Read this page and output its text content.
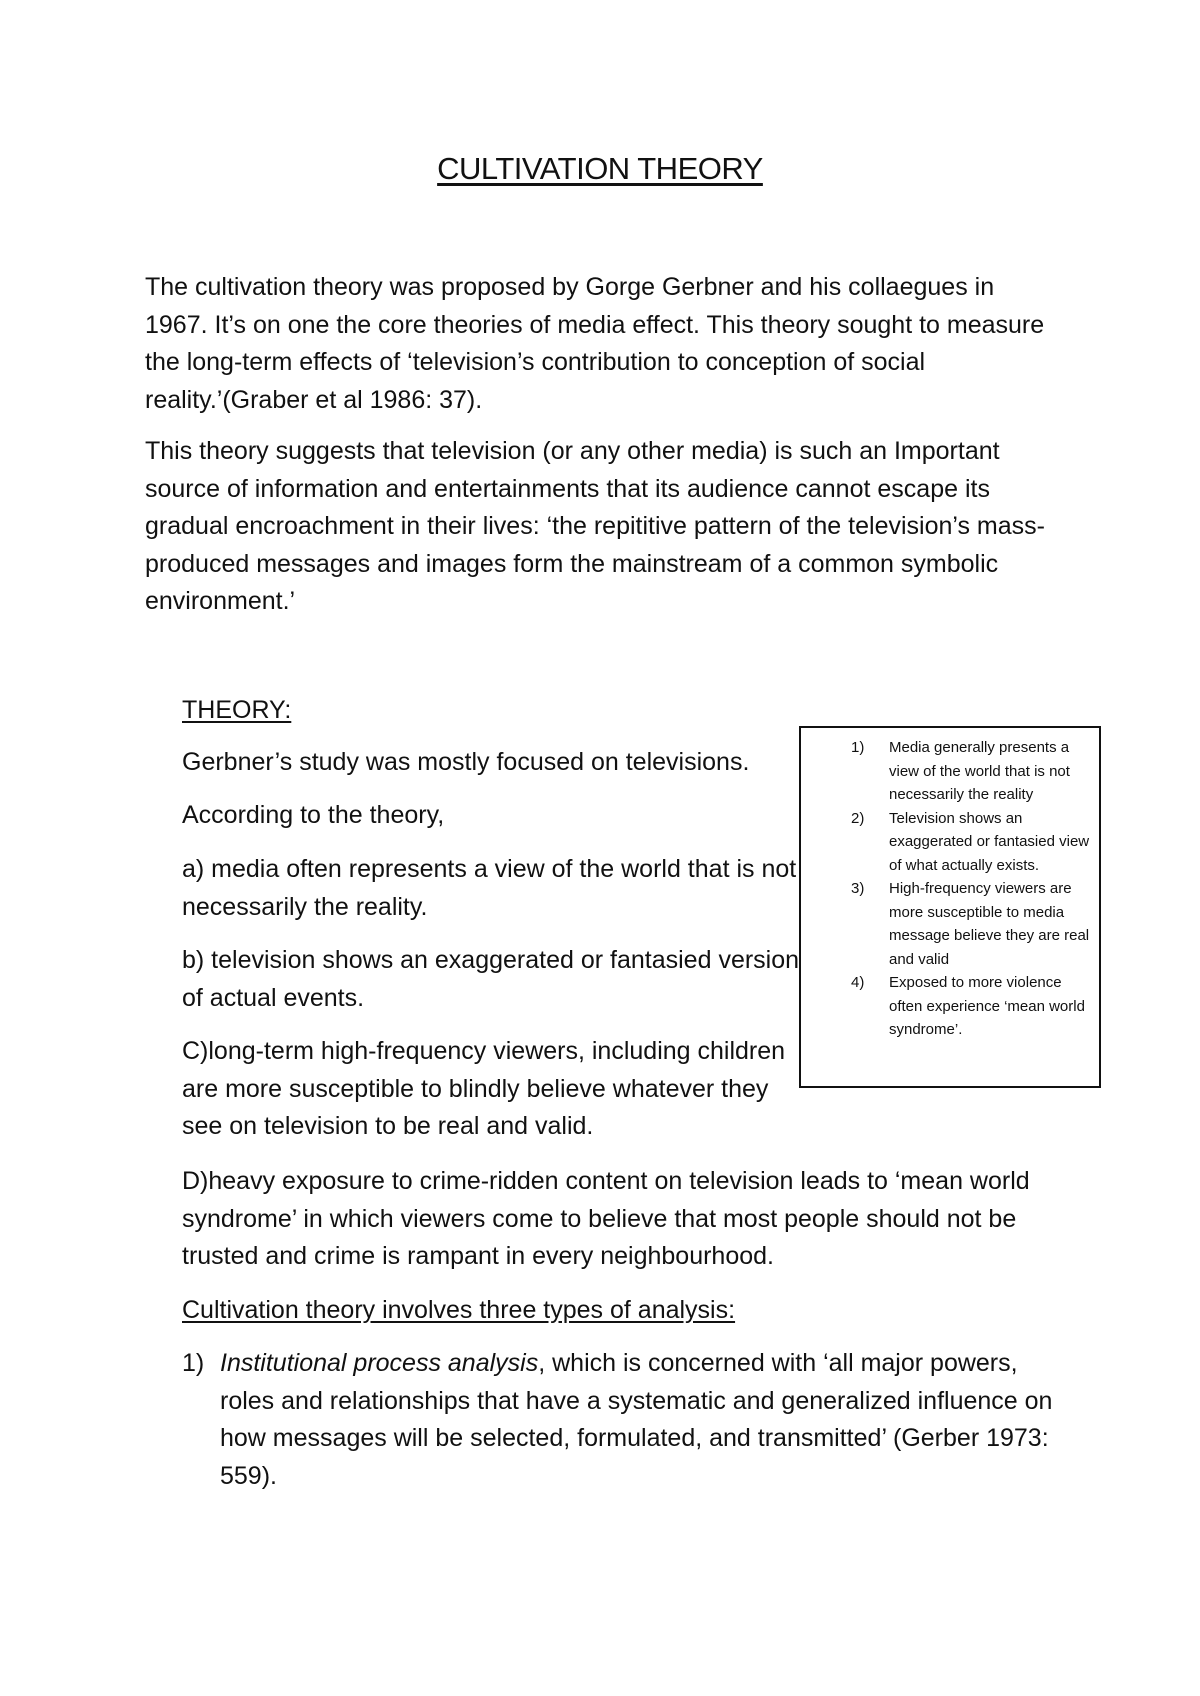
CULTIVATION THEORY

The cultivation theory was proposed by Gorge Gerbner and his collaegues in 1967. It’s on one the core theories of media effect. This theory sought to measure the long-term effects of ‘television’s contribution to conception of social reality.’(Graber et al 1986: 37).

This theory suggests that television (or any other media) is such an Important source of information and entertainments that its audience cannot escape its gradual encroachment in their lives: ‘the repititive pattern of the television’s mass-produced messages and images form the mainstream of a common symbolic environment.’

THEORY:

Gerbner’s study was mostly focused on televisions.

According to the theory,

a) media often represents a view of the world that is not necessarily the reality.

b) television shows an exaggerated or fantasied version of actual events.

C)long-term high-frequency viewers, including children are more susceptible to blindly believe whatever they see on television to be real and valid.

D)heavy exposure to crime-ridden content on television leads to ‘mean world syndrome’ in which viewers come to believe that most people should not be trusted and crime is rampant in every neighbourhood.

Cultivation theory involves three types of analysis:

1) Institutional process analysis, which is concerned with ‘all major powers, roles and relationships that have a systematic and generalized influence on how messages will be selected, formulated, and transmitted’ (Gerber 1973: 559).
1) Media generally presents a view of the world that is not necessarily the reality
2) Television shows an exaggerated or fantasied view of what actually exists.
3) High-frequency viewers are more susceptible to media message believe they are real and valid
4) Exposed to more violence often experience ‘mean world syndrome’.
